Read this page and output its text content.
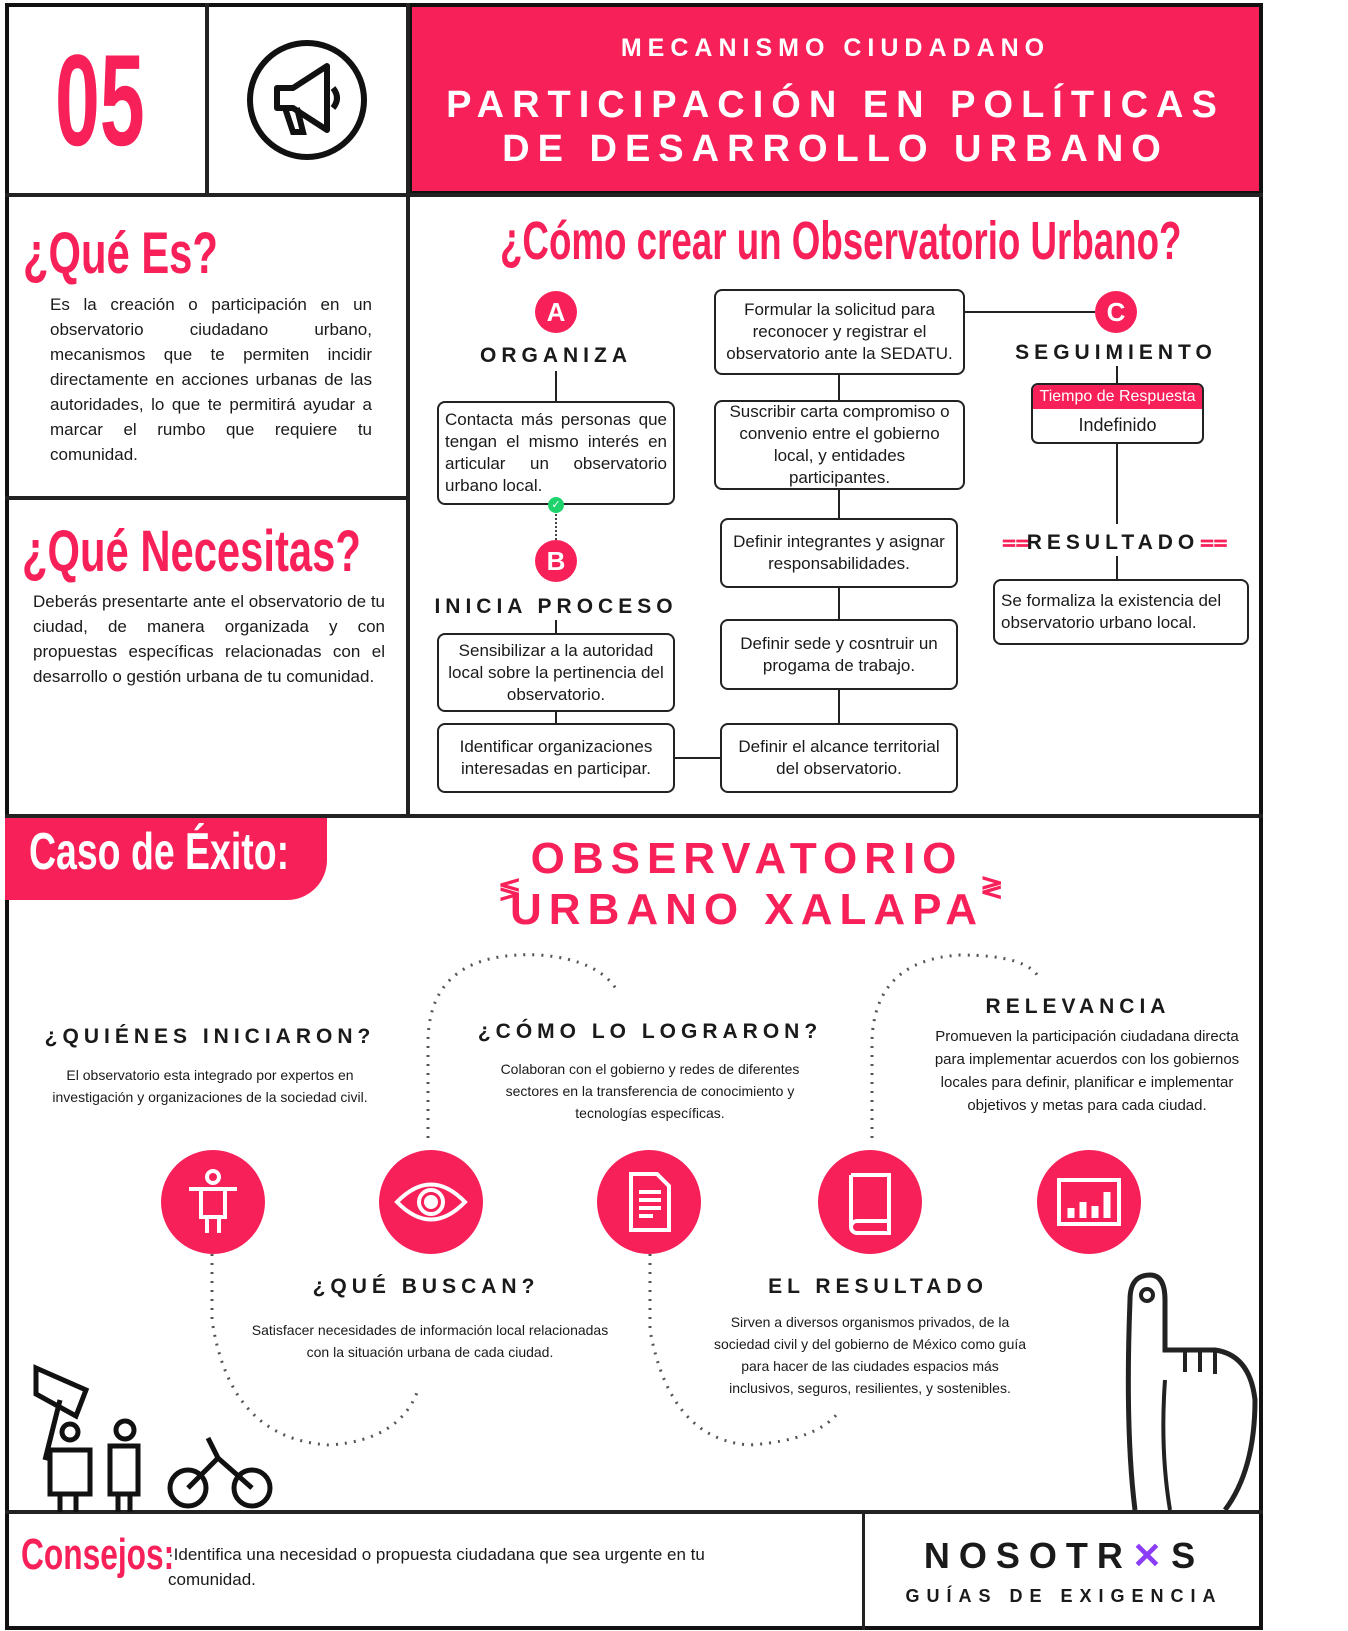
05	MECANISMO CIUDADANO
PARTICIPACIÓN EN POLÍTICAS
DE DESARROLLO URBANO
¿Qué Es?
Es la creación o participación en un observatorio ciudadano urbano, mecanismos que te permiten incidir directamente en acciones urbanas de las autoridades, lo que te permitirá ayudar a marcar el rumbo que requiere tu comunidad.
¿Qué Necesitas?
Deberás presentarte ante el observatorio de tu ciudad, de manera organizada y con propuestas específicas relacionadas con el desarrollo o gestión urbana de tu comunidad.
¿Cómo crear un Observatorio Urbano?
A
ORGANIZA
Contacta más personas que tengan el mismo interés en articular un observatorio urbano local.
✓
B
INICIA PROCESO
Sensibilizar a la autoridad local sobre la pertinencia del observatorio.
Identificar organizaciones interesadas en participar.
Formular la solicitud para reconocer y registrar el observatorio ante la SEDATU.
Suscribir carta compromiso o convenio entre el gobierno local, y entidades participantes.
Definir integrantes y asignar responsabilidades.
Definir sede y cosntruir un progama de trabajo.
Definir el alcance territorial del observatorio.
C
SEGUIMIENTO
Tiempo de Respuesta
Indefinido
⩵	⩵
RESULTADO
Se formaliza la existencia del observatorio urbano local.
Caso de Éxito:	OBSERVATORIO
URBANO XALAPA
≶	≷
¿QUIÉNES INICIARON?
El observatorio esta integrado por expertos en investigación y organizaciones de la sociedad civil.
¿CÓMO LO LOGRARON?
Colaboran con el gobierno y redes de diferentes sectores en la transferencia de conocimiento y tecnologías específicas.
RELEVANCIA
Promueven la participación ciudadana directa para implementar acuerdos con los gobiernos locales para definir, planificar e implementar objetivos y metas para cada ciudad.
¿QUÉ BUSCAN?
Satisfacer necesidades de información local relacionadas con la situación urbana de cada ciudad.
EL RESULTADO
Sirven a diversos organismos privados, de la sociedad civil y del gobierno de México como guía para hacer de las ciudades espacios más inclusivos, seguros, resilientes, y sostenibles.
Consejos:
·Identifica una necesidad o propuesta ciudadana que sea urgente en tu comunidad.
NOSOTR✕S
GUÍAS DE EXIGENCIA
